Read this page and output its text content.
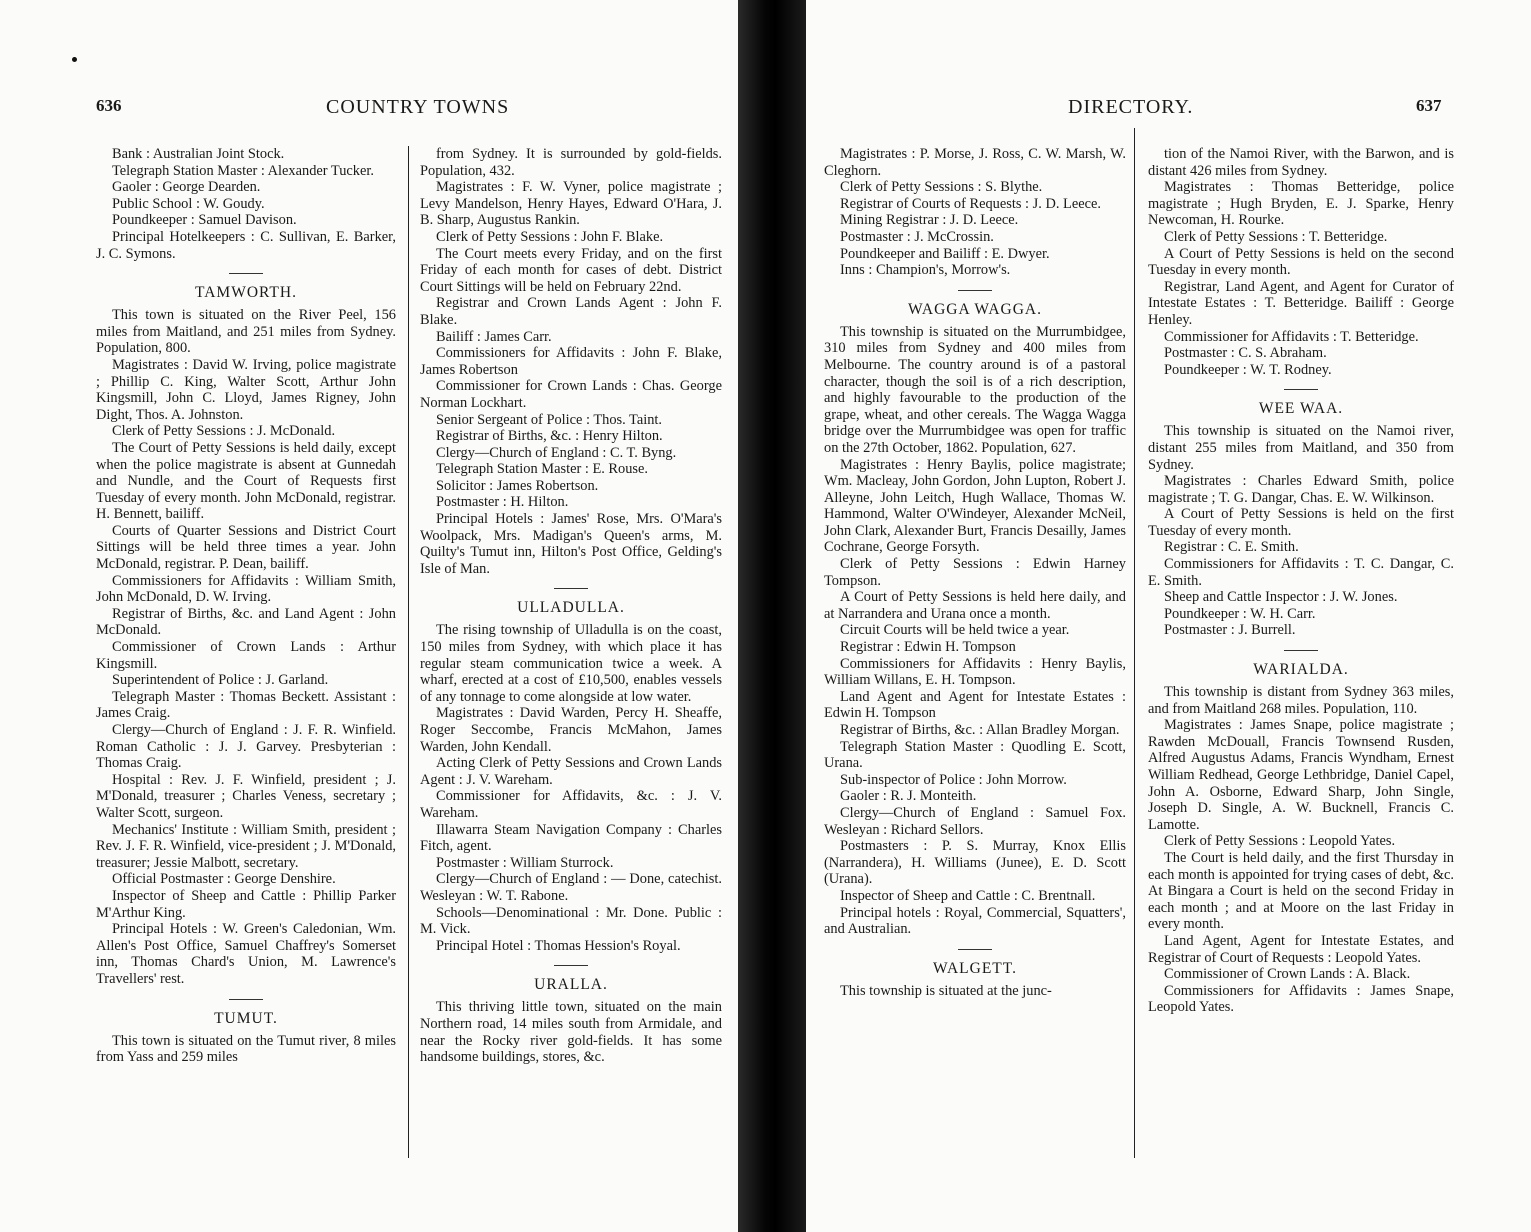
636	COUNTRY TOWNS

Bank : Australian Joint Stock.

Telegraph Station Master : Alexander Tucker.

Gaoler : George Dearden.

Public School : W. Goudy.

Poundkeeper : Samuel Davison.

Principal Hotelkeepers : C. Sullivan, E. Barker, J. C. Symons.

TAMWORTH.

This town is situated on the River Peel, 156 miles from Maitland, and 251 miles from Sydney. Population, 800.

Magistrates : David W. Irving, police magistrate ; Phillip C. King, Walter Scott, Arthur John Kingsmill, John C. Lloyd, James Rigney, John Dight, Thos. A. Johnston.

Clerk of Petty Sessions : J. McDonald.

The Court of Petty Sessions is held daily, except when the police magistrate is absent at Gunnedah and Nundle, and the Court of Requests first Tuesday of every month. John McDonald, registrar. H. Bennett, bailiff.

Courts of Quarter Sessions and District Court Sittings will be held three times a year. John McDonald, registrar. P. Dean, bailiff.

Commissioners for Affidavits : William Smith, John McDonald, D. W. Irving.

Registrar of Births, &c. and Land Agent : John McDonald.

Commissioner of Crown Lands : Arthur Kingsmill.

Superintendent of Police : J. Garland.

Telegraph Master : Thomas Beckett. Assistant : James Craig.

Clergy—Church of England : J. F. R. Winfield. Roman Catholic : J. J. Garvey. Presbyterian : Thomas Craig.

Hospital : Rev. J. F. Winfield, president ; J. M'Donald, treasurer ; Charles Veness, secretary ; Walter Scott, surgeon.

Mechanics' Institute : William Smith, president ; Rev. J. F. R. Winfield, vice-president ; J. M'Donald, treasurer; Jessie Malbott, secretary.

Official Postmaster : George Denshire.

Inspector of Sheep and Cattle : Phillip Parker M'Arthur King.

Principal Hotels : W. Green's Caledonian, Wm. Allen's Post Office, Samuel Chaffrey's Somerset inn, Thomas Chard's Union, M. Lawrence's Travellers' rest.

TUMUT.

This town is situated on the Tumut river, 8 miles from Yass and 259 miles

from Sydney. It is surrounded by gold-fields. Population, 432.

Magistrates : F. W. Vyner, police magistrate ; Levy Mandelson, Henry Hayes, Edward O'Hara, J. B. Sharp, Augustus Rankin.

Clerk of Petty Sessions : John F. Blake.

The Court meets every Friday, and on the first Friday of each month for cases of debt. District Court Sittings will be held on February 22nd.

Registrar and Crown Lands Agent : John F. Blake.

Bailiff : James Carr.

Commissioners for Affidavits : John F. Blake, James Robertson

Commissioner for Crown Lands : Chas. George Norman Lockhart.

Senior Sergeant of Police : Thos. Taint.

Registrar of Births, &c. : Henry Hilton.

Clergy—Church of England : C. T. Byng.

Telegraph Station Master : E. Rouse.

Solicitor : James Robertson.

Postmaster : H. Hilton.

Principal Hotels : James' Rose, Mrs. O'Mara's Woolpack, Mrs. Madigan's Queen's arms, M. Quilty's Tumut inn, Hilton's Post Office, Gelding's Isle of Man.

ULLADULLA.

The rising township of Ulladulla is on the coast, 150 miles from Sydney, with which place it has regular steam communication twice a week. A wharf, erected at a cost of £10,500, enables vessels of any tonnage to come alongside at low water.

Magistrates : David Warden, Percy H. Sheaffe, Roger Seccombe, Francis McMahon, James Warden, John Kendall.

Acting Clerk of Petty Sessions and Crown Lands Agent : J. V. Wareham.

Commissioner for Affidavits, &c. : J. V. Wareham.

Illawarra Steam Navigation Company : Charles Fitch, agent.

Postmaster : William Sturrock.

Clergy—Church of England : — Done, catechist. Wesleyan : W. T. Rabone.

Schools—Denominational : Mr. Done. Public : M. Vick.

Principal Hotel : Thomas Hession's Royal.

URALLA.

This thriving little town, situated on the main Northern road, 14 miles south from Armidale, and near the Rocky river gold-fields. It has some handsome buildings, stores, &c.

DIRECTORY.	637

Magistrates : P. Morse, J. Ross, C. W. Marsh, W. Cleghorn.

Clerk of Petty Sessions : S. Blythe.

Registrar of Courts of Requests : J. D. Leece.

Mining Registrar : J. D. Leece.

Postmaster : J. McCrossin.

Poundkeeper and Bailiff : E. Dwyer.

Inns : Champion's, Morrow's.

WAGGA WAGGA.

This township is situated on the Murrumbidgee, 310 miles from Sydney and 400 miles from Melbourne. The country around is of a pastoral character, though the soil is of a rich description, and highly favourable to the production of the grape, wheat, and other cereals. The Wagga Wagga bridge over the Murrumbidgee was open for traffic on the 27th October, 1862. Population, 627.

Magistrates : Henry Baylis, police magistrate; Wm. Macleay, John Gordon, John Lupton, Robert J. Alleyne, John Leitch, Hugh Wallace, Thomas W. Hammond, Walter O'Windeyer, Alexander McNeil, John Clark, Alexander Burt, Francis Desailly, James Cochrane, George Forsyth.

Clerk of Petty Sessions : Edwin Harney Tompson.

A Court of Petty Sessions is held here daily, and at Narrandera and Urana once a month.

Circuit Courts will be held twice a year.

Registrar : Edwin H. Tompson

Commissioners for Affidavits : Henry Baylis, William Willans, E. H. Tompson.

Land Agent and Agent for Intestate Estates : Edwin H. Tompson

Registrar of Births, &c. : Allan Bradley Morgan.

Telegraph Station Master : Quodling E. Scott, Urana.

Sub-inspector of Police : John Morrow.

Gaoler : R. J. Monteith.

Clergy—Church of England : Samuel Fox. Wesleyan : Richard Sellors.

Postmasters : P. S. Murray, Knox Ellis (Narrandera), H. Williams (Junee), E. D. Scott (Urana).

Inspector of Sheep and Cattle : C. Brentnall.

Principal hotels : Royal, Commercial, Squatters', and Australian.

WALGETT.

This township is situated at the junc-

tion of the Namoi River, with the Barwon, and is distant 426 miles from Sydney.

Magistrates : Thomas Betteridge, police magistrate ; Hugh Bryden, E. J. Sparke, Henry Newcoman, H. Rourke.

Clerk of Petty Sessions : T. Betteridge.

A Court of Petty Sessions is held on the second Tuesday in every month.

Registrar, Land Agent, and Agent for Curator of Intestate Estates : T. Betteridge. Bailiff : George Henley.

Commissioner for Affidavits : T. Betteridge.

Postmaster : C. S. Abraham.

Poundkeeper : W. T. Rodney.

WEE WAA.

This township is situated on the Namoi river, distant 255 miles from Maitland, and 350 from Sydney.

Magistrates : Charles Edward Smith, police magistrate ; T. G. Dangar, Chas. E. W. Wilkinson.

A Court of Petty Sessions is held on the first Tuesday of every month.

Registrar : C. E. Smith.

Commissioners for Affidavits : T. C. Dangar, C. E. Smith.

Sheep and Cattle Inspector : J. W. Jones.

Poundkeeper : W. H. Carr.

Postmaster : J. Burrell.

WARIALDA.

This township is distant from Sydney 363 miles, and from Maitland 268 miles. Population, 110.

Magistrates : James Snape, police magistrate ; Rawden McDouall, Francis Townsend Rusden, Alfred Augustus Adams, Francis Wyndham, Ernest William Redhead, George Lethbridge, Daniel Capel, John A. Osborne, Edward Sharp, John Single, Joseph D. Single, A. W. Bucknell, Francis C. Lamotte.

Clerk of Petty Sessions : Leopold Yates.

The Court is held daily, and the first Thursday in each month is appointed for trying cases of debt, &c. At Bingara a Court is held on the second Friday in each month ; and at Moore on the last Friday in every month.

Land Agent, Agent for Intestate Estates, and Registrar of Court of Requests : Leopold Yates.

Commissioner of Crown Lands : A. Black.

Commissioners for Affidavits : James Snape, Leopold Yates.
